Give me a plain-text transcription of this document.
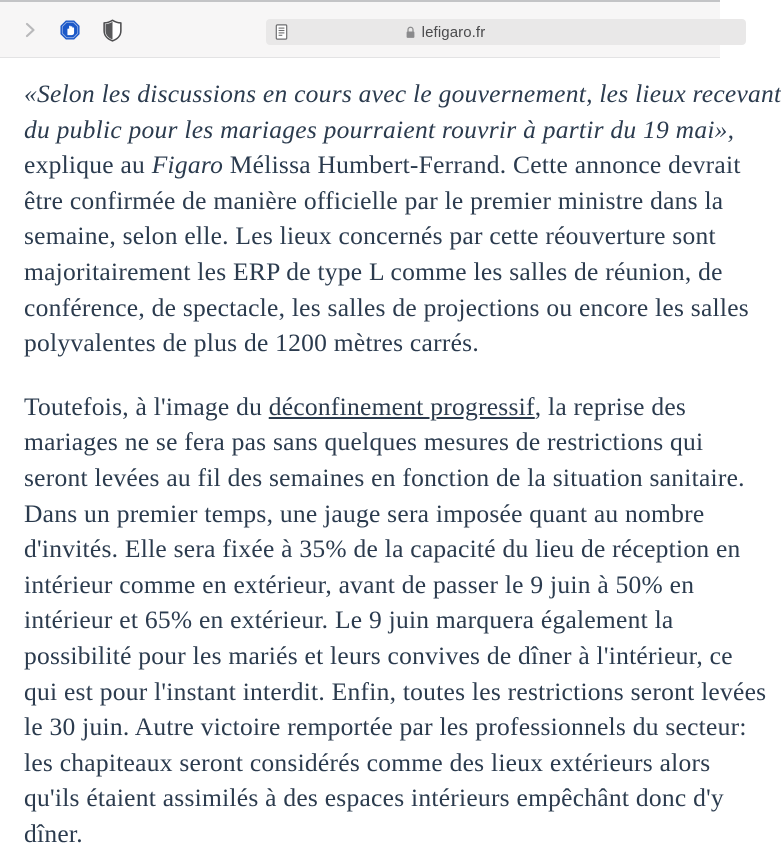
lefigaro.fr

«Selon les discussions en cours avec le gouvernement, les lieux recevant
du public pour les mariages pourraient rouvrir à partir du 19 mai»,
explique au Figaro Mélissa Humbert-Ferrand. Cette annonce devrait
être confirmée de manière officielle par le premier ministre dans la
semaine, selon elle. Les lieux concernés par cette réouverture sont
majoritairement les ERP de type L comme les salles de réunion, de
conférence, de spectacle, les salles de projections ou encore les salles
polyvalentes de plus de 1200 mètres carrés.

Toutefois, à l'image du déconfinement progressif, la reprise des
mariages ne se fera pas sans quelques mesures de restrictions qui
seront levées au fil des semaines en fonction de la situation sanitaire.
Dans un premier temps, une jauge sera imposée quant au nombre
d'invités. Elle sera fixée à 35% de la capacité du lieu de réception en
intérieur comme en extérieur, avant de passer le 9 juin à 50% en
intérieur et 65% en extérieur. Le 9 juin marquera également la
possibilité pour les mariés et leurs convives de dîner à l'intérieur, ce
qui est pour l'instant interdit. Enfin, toutes les restrictions seront levées
le 30 juin. Autre victoire remportée par les professionnels du secteur:
les chapiteaux seront considérés comme des lieux extérieurs alors
qu'ils étaient assimilés à des espaces intérieurs empêchânt donc d'y
dîner.
